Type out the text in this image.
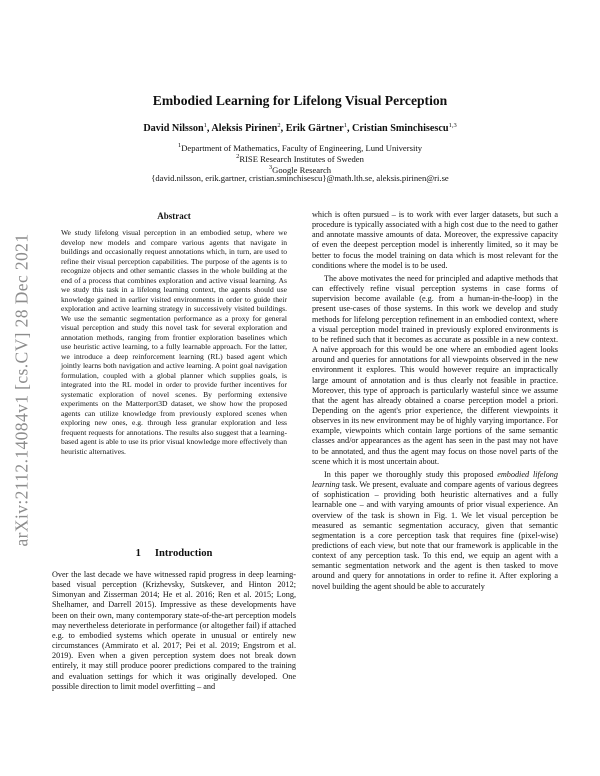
arXiv:2112.14084v1 [cs.CV] 28 Dec 2021
Embodied Learning for Lifelong Visual Perception
David Nilsson$^1$, Aleksis Pirinen$^2$, Erik Gärtner$^1$, Cristian Sminchisescu$^{1,3}$
$^1$Department of Mathematics, Faculty of Engineering, Lund University
$^2$RISE Research Institutes of Sweden
$^3$Google Research
{david.nilsson, erik.gartner, cristian.sminchisescu}@math.lth.se, aleksis.pirinen@ri.se
Abstract

We study lifelong visual perception in an embodied setup, where we develop new models and compare various agents that navigate in buildings and occasionally request annotations which, in turn, are used to refine their visual perception capabilities. The purpose of the agents is to recognize objects and other semantic classes in the whole building at the end of a process that combines exploration and active visual learning. As we study this task in a lifelong learning context, the agents should use knowledge gained in earlier visited environments in order to guide their exploration and active learning strategy in successively visited buildings. We use the semantic segmentation performance as a proxy for general visual perception and study this novel task for several exploration and annotation methods, ranging from frontier exploration baselines which use heuristic active learning, to a fully learnable approach. For the latter, we introduce a deep reinforcement learning (RL) based agent which jointly learns both navigation and active learning. A point goal navigation formulation, coupled with a global planner which supplies goals, is integrated into the RL model in order to provide further incentives for systematic exploration of novel scenes. By performing extensive experiments on the Matterport3D dataset, we show how the proposed agents can utilize knowledge from previously explored scenes when exploring new ones, e.g. through less granular exploration and less frequent requests for annotations. The results also suggest that a learning-based agent is able to use its prior visual knowledge more effectively than heuristic alternatives.

1 Introduction

Over the last decade we have witnessed rapid progress in deep learning-based visual perception (Krizhevsky, Sutskever, and Hinton 2012; Simonyan and Zisserman 2014; He et al. 2016; Ren et al. 2015; Long, Shelhamer, and Darrell 2015). Impressive as these developments have been on their own, many contemporary state-of-the-art perception models may nevertheless deteriorate in performance (or altogether fail) if attached e.g. to embodied systems which operate in unusual or entirely new circumstances (Ammirato et al. 2017; Pei et al. 2019; Engstrom et al. 2019). Even when a given perception system does not break down entirely, it may still produce poorer predictions compared to the training and evaluation settings for which it was originally developed. One possible direction to limit model overfitting – and

which is often pursued – is to work with ever larger datasets, but such a procedure is typically associated with a high cost due to the need to gather and annotate massive amounts of data. Moreover, the expressive capacity of even the deepest perception model is inherently limited, so it may be better to focus the model training on data which is most relevant for the conditions where the model is to be used.

The above motivates the need for principled and adaptive methods that can effectively refine visual perception systems in case forms of supervision become available (e.g. from a human-in-the-loop) in the present use-cases of those systems. In this work we develop and study methods for lifelong perception refinement in an embodied context, where a visual perception model trained in previously explored environments is to be refined such that it becomes as accurate as possible in a new context. A naïve approach for this would be one where an embodied agent looks around and queries for annotations for all viewpoints observed in the new environment it explores. This would however require an impractically large amount of annotation and is thus clearly not feasible in practice. Moreover, this type of approach is particularly wasteful since we assume that the agent has already obtained a coarse perception model a priori. Depending on the agent's prior experience, the different viewpoints it observes in its new environment may be of highly varying importance. For example, viewpoints which contain large portions of the same semantic classes and/or appearances as the agent has seen in the past may not have to be annotated, and thus the agent may focus on those novel parts of the scene which it is most uncertain about.

In this paper we thoroughly study this proposed embodied lifelong learning task. We present, evaluate and compare agents of various degrees of sophistication – providing both heuristic alternatives and a fully learnable one – and with varying amounts of prior visual experience. An overview of the task is shown in Fig. 1. We let visual perception be measured as semantic segmentation accuracy, given that semantic segmentation is a core perception task that requires fine (pixel-wise) predictions of each view, but note that our framework is applicable in the context of any perception task. To this end, we equip an agent with a semantic segmentation network and the agent is then tasked to move around and query for annotations in order to refine it. After exploring a novel building the agent should be able to accurately
